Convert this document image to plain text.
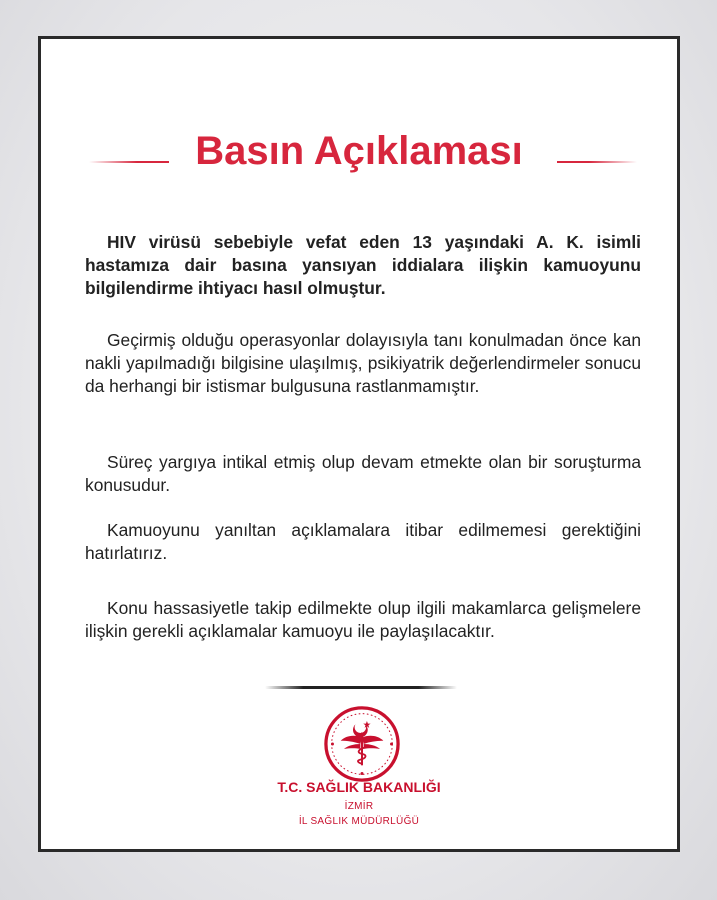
Basın Açıklaması

HIV virüsü sebebiyle vefat eden 13 yaşındaki A. K. isimli hastamıza dair basına yansıyan iddialara ilişkin kamuoyunu bilgilendirme ihtiyacı hasıl olmuştur.

Geçirmiş olduğu operasyonlar dolayısıyla tanı konulmadan önce kan nakli yapılmadığı bilgisine ulaşılmış, psikiyatrik değerlendirmeler sonucu da herhangi bir istismar bulgusuna rastlanmamıştır.

Süreç yargıya intikal etmiş olup devam etmekte olan bir soruşturma konusudur.

Kamuoyunu yanıltan açıklamalara itibar edilmemesi gerektiğini hatırlatırız.

Konu hassasiyetle takip edilmekte olup ilgili makamlarca gelişmelere ilişkin gerekli açıklamalar kamuoyu ile paylaşılacaktır.

T.C. SAĞLIK BAKANLIĞI
İZMİR
İL SAĞLIK MÜDÜRLÜĞÜ
